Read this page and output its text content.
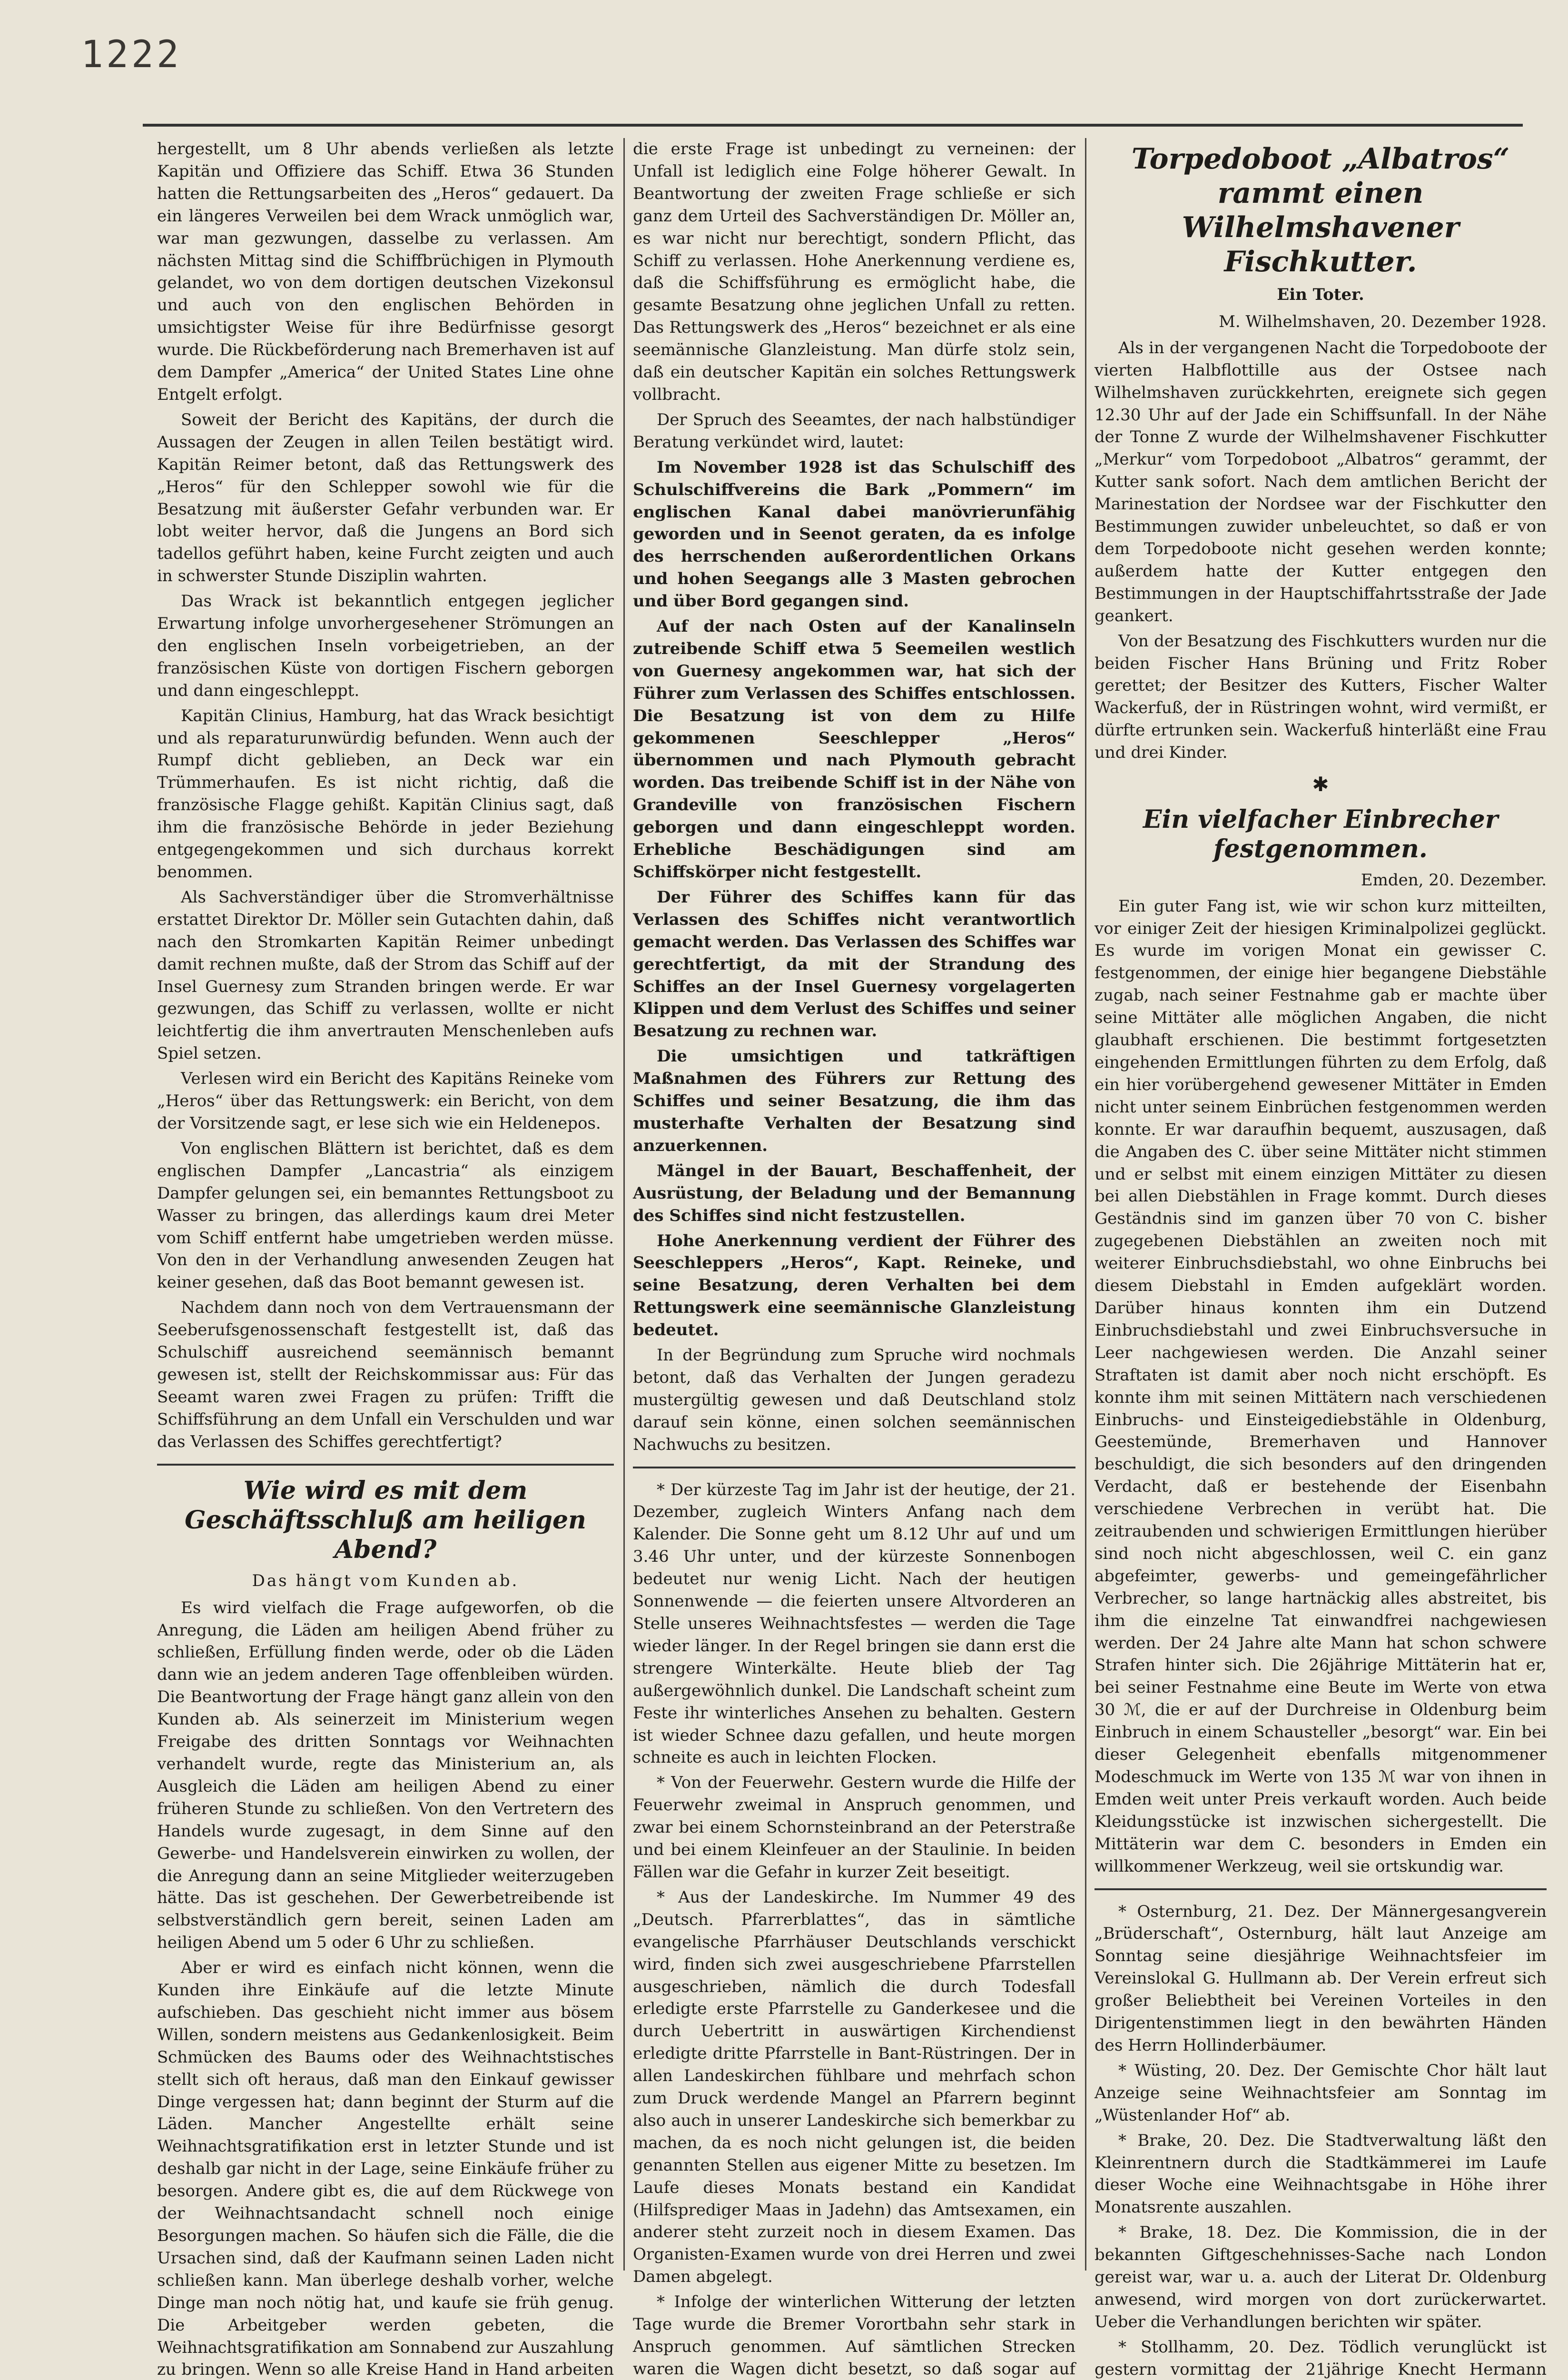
1222

hergestellt, um 8 Uhr abends verließen als letzte Kapitän und Offiziere das Schiff. Etwa 36 Stunden hatten die Rettungsarbeiten des „Heros“ gedauert. Da ein längeres Verweilen bei dem Wrack unmöglich war, war man gezwungen, dasselbe zu verlassen. Am nächsten Mittag sind die Schiffbrüchigen in Plymouth gelandet, wo von dem dortigen deutschen Vizekonsul und auch von den englischen Behörden in umsichtigster Weise für ihre Bedürfnisse gesorgt wurde. Die Rückbeförderung nach Bremerhaven ist auf dem Dampfer „America“ der United States Line ohne Entgelt erfolgt.

Soweit der Bericht des Kapitäns, der durch die Aussagen der Zeugen in allen Teilen bestätigt wird. Kapitän Reimer betont, daß das Rettungswerk des „Heros“ für den Schlepper sowohl wie für die Besatzung mit äußerster Gefahr verbunden war. Er lobt weiter hervor, daß die Jungens an Bord sich tadellos geführt haben, keine Furcht zeigten und auch in schwerster Stunde Disziplin wahrten.

Das Wrack ist bekanntlich entgegen jeglicher Erwartung infolge unvorhergesehener Strömungen an den englischen Inseln vorbeigetrieben, an der französischen Küste von dortigen Fischern geborgen und dann eingeschleppt.

Kapitän Clinius, Hamburg, hat das Wrack besichtigt und als reparaturunwürdig befunden. Wenn auch der Rumpf dicht geblieben, an Deck war ein Trümmerhaufen. Es ist nicht richtig, daß die französische Flagge gehißt. Kapitän Clinius sagt, daß ihm die französische Behörde in jeder Beziehung entgegengekommen und sich durchaus korrekt benommen.

Als Sachverständiger über die Stromverhältnisse erstattet Direktor Dr. Möller sein Gutachten dahin, daß nach den Stromkarten Kapitän Reimer unbedingt damit rechnen mußte, daß der Strom das Schiff auf der Insel Guernesy zum Stranden bringen werde. Er war gezwungen, das Schiff zu verlassen, wollte er nicht leichtfertig die ihm anvertrauten Menschenleben aufs Spiel setzen.

Verlesen wird ein Bericht des Kapitäns Reineke vom „Heros“ über das Rettungswerk: ein Bericht, von dem der Vorsitzende sagt, er lese sich wie ein Heldenepos.

Von englischen Blättern ist berichtet, daß es dem englischen Dampfer „Lancastria“ als einzigem Dampfer gelungen sei, ein bemanntes Rettungsboot zu Wasser zu bringen, das allerdings kaum drei Meter vom Schiff entfernt habe umgetrieben werden müsse. Von den in der Verhandlung anwesenden Zeugen hat keiner gesehen, daß das Boot bemannt gewesen ist.

Nachdem dann noch von dem Vertrauensmann der Seeberufsgenossenschaft festgestellt ist, daß das Schulschiff ausreichend seemännisch bemannt gewesen ist, stellt der Reichskommissar aus: Für das Seeamt waren zwei Fragen zu prüfen: Trifft die Schiffsführung an dem Unfall ein Verschulden und war das Verlassen des Schiffes gerechtfertigt?

Wie wird es mit dem Geschäftsschluß am heiligen Abend?
Das hängt vom Kunden ab.

Es wird vielfach die Frage aufgeworfen, ob die Anregung, die Läden am heiligen Abend früher zu schließen, Erfüllung finden werde, oder ob die Läden dann wie an jedem anderen Tage offenbleiben würden. Die Beantwortung der Frage hängt ganz allein von den Kunden ab. Als seinerzeit im Ministerium wegen Freigabe des dritten Sonntags vor Weihnachten verhandelt wurde, regte das Ministerium an, als Ausgleich die Läden am heiligen Abend zu einer früheren Stunde zu schließen. Von den Vertretern des Handels wurde zugesagt, in dem Sinne auf den Gewerbe- und Handelsverein einwirken zu wollen, der die Anregung dann an seine Mitglieder weiterzugeben hätte. Das ist geschehen. Der Gewerbetreibende ist selbstverständlich gern bereit, seinen Laden am heiligen Abend um 5 oder 6 Uhr zu schließen.

Aber er wird es einfach nicht können, wenn die Kunden ihre Einkäufe auf die letzte Minute aufschieben. Das geschieht nicht immer aus bösem Willen, sondern meistens aus Gedankenlosigkeit. Beim Schmücken des Baums oder des Weihnachtstisches stellt sich oft heraus, daß man den Einkauf gewisser Dinge vergessen hat; dann beginnt der Sturm auf die Läden. Mancher Angestellte erhält seine Weihnachtsgratifikation erst in letzter Stunde und ist deshalb gar nicht in der Lage, seine Einkäufe früher zu besorgen. Andere gibt es, die auf dem Rückwege von der Weihnachtsandacht schnell noch einige Besorgungen machen. So häufen sich die Fälle, die die Ursachen sind, daß der Kaufmann seinen Laden nicht schließen kann. Man überlege deshalb vorher, welche Dinge man noch nötig hat, und kaufe sie früh genug. Die Arbeitgeber werden gebeten, die Weihnachtsgratifikation am Sonnabend zur Auszahlung zu bringen. Wenn so alle Kreise Hand in Hand arbeiten

die erste Frage ist unbedingt zu verneinen: der Unfall ist lediglich eine Folge höherer Gewalt. In Beantwortung der zweiten Frage schließe er sich ganz dem Urteil des Sachverständigen Dr. Möller an, es war nicht nur berechtigt, sondern Pflicht, das Schiff zu verlassen. Hohe Anerkennung verdiene es, daß die Schiffsführung es ermöglicht habe, die gesamte Besatzung ohne jeglichen Unfall zu retten. Das Rettungswerk des „Heros“ bezeichnet er als eine seemännische Glanzleistung. Man dürfe stolz sein, daß ein deutscher Kapitän ein solches Rettungswerk vollbracht.

Der Spruch des Seeamtes, der nach halbstündiger Beratung verkündet wird, lautet:

Im November 1928 ist das Schulschiff des Schulschiffvereins die Bark „Pommern“ im englischen Kanal dabei manövrierunfähig geworden und in Seenot geraten, da es infolge des herrschenden außerordentlichen Orkans und hohen Seegangs alle 3 Masten gebrochen und über Bord gegangen sind.

Auf der nach Osten auf der Kanalinseln zutreibende Schiff etwa 5 Seemeilen westlich von Guernesy angekommen war, hat sich der Führer zum Verlassen des Schiffes entschlossen. Die Besatzung ist von dem zu Hilfe gekommenen Seeschlepper „Heros“ übernommen und nach Plymouth gebracht worden. Das treibende Schiff ist in der Nähe von Grandeville von französischen Fischern geborgen und dann eingeschleppt worden. Erhebliche Beschädigungen sind am Schiffskörper nicht festgestellt.

Der Führer des Schiffes kann für das Verlassen des Schiffes nicht verantwortlich gemacht werden. Das Verlassen des Schiffes war gerechtfertigt, da mit der Strandung des Schiffes an der Insel Guernesy vorgelagerten Klippen und dem Verlust des Schiffes und seiner Besatzung zu rechnen war.

Die umsichtigen und tatkräftigen Maßnahmen des Führers zur Rettung des Schiffes und seiner Besatzung, die ihm das musterhafte Verhalten der Besatzung sind anzuerkennen.

Mängel in der Bauart, Beschaffenheit, der Ausrüstung, der Beladung und der Bemannung des Schiffes sind nicht festzustellen.

Hohe Anerkennung verdient der Führer des Seeschleppers „Heros“, Kapt. Reineke, und seine Besatzung, deren Verhalten bei dem Rettungswerk eine seemännische Glanzleistung bedeutet.

In der Begründung zum Spruche wird nochmals betont, daß das Verhalten der Jungen geradezu mustergültig gewesen und daß Deutschland stolz darauf sein könne, einen solchen seemännischen Nachwuchs zu besitzen.

* Der kürzeste Tag im Jahr ist der heutige, der 21. Dezember, zugleich Winters Anfang nach dem Kalender. Die Sonne geht um 8.12 Uhr auf und um 3.46 Uhr unter, und der kürzeste Sonnenbogen bedeutet nur wenig Licht. Nach der heutigen Sonnenwende — die feierten unsere Altvorderen an Stelle unseres Weihnachtsfestes — werden die Tage wieder länger. In der Regel bringen sie dann erst die strengere Winterkälte. Heute blieb der Tag außergewöhnlich dunkel. Die Landschaft scheint zum Feste ihr winterliches Ansehen zu behalten. Gestern ist wieder Schnee dazu gefallen, und heute morgen schneite es auch in leichten Flocken.

* Von der Feuerwehr. Gestern wurde die Hilfe der Feuerwehr zweimal in Anspruch genommen, und zwar bei einem Schornsteinbrand an der Peterstraße und bei einem Kleinfeuer an der Staulinie. In beiden Fällen war die Gefahr in kurzer Zeit beseitigt.

* Aus der Landeskirche. Im Nummer 49 des „Deutsch. Pfarrerblattes“, das in sämtliche evangelische Pfarrhäuser Deutschlands verschickt wird, finden sich zwei ausgeschriebene Pfarrstellen ausgeschrieben, nämlich die durch Todesfall erledigte erste Pfarrstelle zu Ganderkesee und die durch Uebertritt in auswärtigen Kirchendienst erledigte dritte Pfarrstelle in Bant-Rüstringen. Der in allen Landeskirchen fühlbare und mehrfach schon zum Druck werdende Mangel an Pfarrern beginnt also auch in unserer Landeskirche sich bemerkbar zu machen, da es noch nicht gelungen ist, die beiden genannten Stellen aus eigener Mitte zu besetzen. Im Laufe dieses Monats bestand ein Kandidat (Hilfsprediger Maas in Jadehn) das Amtsexamen, ein anderer steht zurzeit noch in diesem Examen. Das Organisten-Examen wurde von drei Herren und zwei Damen abgelegt.

* Infolge der winterlichen Witterung der letzten Tage wurde die Bremer Vorortbahn sehr stark in Anspruch genommen. Auf sämtlichen Strecken waren die Wagen dicht besetzt, so daß sogar auf

Torpedoboot „Albatros“ rammt einen Wilhelmshavener Fischkutter.
Ein Toter.
M. Wilhelmshaven, 20. Dezember 1928.

Als in der vergangenen Nacht die Torpedoboote der vierten Halbflottille aus der Ostsee nach Wilhelmshaven zurückkehrten, ereignete sich gegen 12.30 Uhr auf der Jade ein Schiffsunfall. In der Nähe der Tonne Z wurde der Wilhelmshavener Fischkutter „Merkur“ vom Torpedoboot „Albatros“ gerammt, der Kutter sank sofort. Nach dem amtlichen Bericht der Marinestation der Nordsee war der Fischkutter den Bestimmungen zuwider unbeleuchtet, so daß er von dem Torpedoboote nicht gesehen werden konnte; außerdem hatte der Kutter entgegen den Bestimmungen in der Hauptschiffahrtsstraße der Jade geankert.

Von der Besatzung des Fischkutters wurden nur die beiden Fischer Hans Brüning und Fritz Rober gerettet; der Besitzer des Kutters, Fischer Walter Wackerfuß, der in Rüstringen wohnt, wird vermißt, er dürfte ertrunken sein. Wackerfuß hinterläßt eine Frau und drei Kinder.

✱
Ein vielfacher Einbrecher festgenommen.
Emden, 20. Dezember.

Ein guter Fang ist, wie wir schon kurz mitteilten, vor einiger Zeit der hiesigen Kriminalpolizei geglückt. Es wurde im vorigen Monat ein gewisser C. festgenommen, der einige hier begangene Diebstähle zugab, nach seiner Festnahme gab er machte über seine Mittäter alle möglichen Angaben, die nicht glaubhaft erschienen. Die bestimmt fortgesetzten eingehenden Ermittlungen führten zu dem Erfolg, daß ein hier vorübergehend gewesener Mittäter in Emden nicht unter seinem Einbrüchen festgenommen werden konnte. Er war daraufhin bequemt, auszusagen, daß die Angaben des C. über seine Mittäter nicht stimmen und er selbst mit einem einzigen Mittäter zu diesen bei allen Diebstählen in Frage kommt. Durch dieses Geständnis sind im ganzen über 70 von C. bisher zugegebenen Diebstählen an zweiten noch mit weiterer Einbruchsdiebstahl, wo ohne Einbruchs bei diesem Diebstahl in Emden aufgeklärt worden. Darüber hinaus konnten ihm ein Dutzend Einbruchsdiebstahl und zwei Einbruchsversuche in Leer nachgewiesen werden. Die Anzahl seiner Straftaten ist damit aber noch nicht erschöpft. Es konnte ihm mit seinen Mittätern nach verschiedenen Einbruchs- und Einsteigediebstähle in Oldenburg, Geestemünde, Bremerhaven und Hannover beschuldigt, die sich besonders auf den dringenden Verdacht, daß er bestehende der Eisenbahn verschiedene Verbrechen in verübt hat. Die zeitraubenden und schwierigen Ermittlungen hierüber sind noch nicht abgeschlossen, weil C. ein ganz abgefeimter, gewerbs- und gemeingefährlicher Verbrecher, so lange hartnäckig alles abstreitet, bis ihm die einzelne Tat einwandfrei nachgewiesen werden. Der 24 Jahre alte Mann hat schon schwere Strafen hinter sich. Die 26jährige Mittäterin hat er, bei seiner Festnahme eine Beute im Werte von etwa 30 ℳ, die er auf der Durchreise in Oldenburg beim Einbruch in einem Schausteller „besorgt“ war. Ein bei dieser Gelegenheit ebenfalls mitgenommener Modeschmuck im Werte von 135 ℳ war von ihnen in Emden weit unter Preis verkauft worden. Auch beide Kleidungsstücke ist inzwischen sichergestellt. Die Mittäterin war dem C. besonders in Emden ein willkommener Werkzeug, weil sie ortskundig war.

* Osternburg, 21. Dez. Der Männergesangverein „Brüderschaft“, Osternburg, hält laut Anzeige am Sonntag seine diesjährige Weihnachtsfeier im Vereinslokal G. Hullmann ab. Der Verein erfreut sich großer Beliebtheit bei Vereinen Vorteiles in den Dirigentenstimmen liegt in den bewährten Händen des Herrn Hollinderbäumer.

* Wüsting, 20. Dez. Der Gemischte Chor hält laut Anzeige seine Weihnachtsfeier am Sonntag im „Wüstenlander Hof“ ab.

* Brake, 20. Dez. Die Stadtverwaltung läßt den Kleinrentnern durch die Stadtkämmerei im Laufe dieser Woche eine Weihnachtsgabe in Höhe ihrer Monatsrente auszahlen.

* Brake, 18. Dez. Die Kommission, die in der bekannten Giftgeschehnisses-Sache nach London gereist war, war u. a. auch der Literat Dr. Oldenburg anwesend, wird morgen von dort zurückerwartet. Ueber die Verhandlungen berichten wir später.

* Stollhamm, 20. Dez. Tödlich verunglückt ist gestern vormittag der 21jährige Knecht Hermann
